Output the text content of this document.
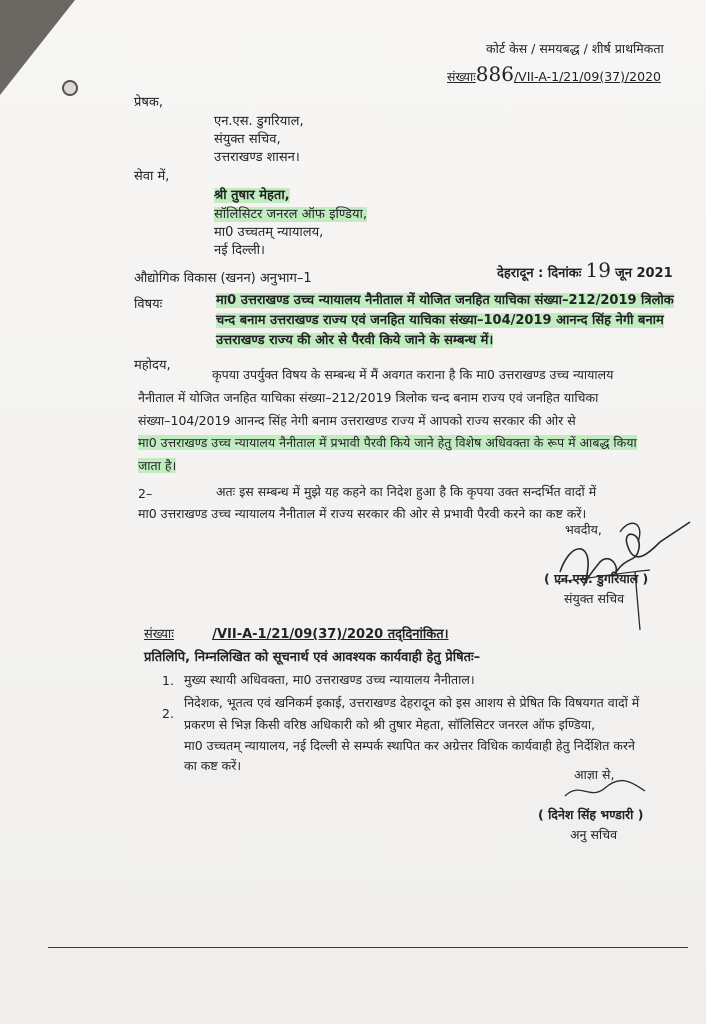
कोर्ट केस / समयबद्ध / शीर्ष प्राथमिकता
संख्याः886/VII-A-1/21/09(37)/2020
प्रेषक,
एन.एस. डुगरियाल,
संयुक्त सचिव,
उत्तराखण्ड शासन।
सेवा में,
श्री तुषार मेहता,
सॉलिसिटर जनरल ऑफ इण्डिया,
मा0 उच्चतम् न्यायालय,
नई दिल्ली।
औद्योगिक विकास (खनन) अनुभाग–1	देहरादून : दिनांकः 19 जून 2021
विषयः	मा0 उत्तराखण्ड उच्च न्यायालय नैनीताल में योजित जनहित याचिका संख्या–212/2019 त्रिलोक
चन्द बनाम उत्तराखण्ड राज्य एवं जनहित याचिका संख्या–104/2019 आनन्द सिंह नेगी बनाम
उत्तराखण्ड राज्य की ओर से पैरवी किये जाने के सम्बन्ध में।
महोदय,
कृपया उपर्युक्त विषय के सम्बन्ध में मैं अवगत कराना है कि मा0 उत्तराखण्ड उच्च न्यायालय
नैनीताल में योजित जनहित याचिका संख्या–212/2019 त्रिलोक चन्द बनाम राज्य एवं जनहित याचिका
संख्या–104/2019 आनन्द सिंह नेगी बनाम उत्तराखण्ड राज्य में आपको राज्य सरकार की ओर से
मा0 उत्तराखण्ड उच्च न्यायालय नैनीताल में प्रभावी पैरवी किये जाने हेतु विशेष अधिवक्ता के रूप में आबद्ध किया
जाता है।
2–	अतः इस सम्बन्ध में मुझे यह कहने का निदेश हुआ है कि कृपया उक्त सन्दर्भित वादों में
मा0 उत्तराखण्ड उच्च न्यायालय नैनीताल में राज्य सरकार की ओर से प्रभावी पैरवी करने का कष्ट करें।
भवदीय,
( एन.एस. डुगरियाल )
संयुक्त सचिव
संख्याः	/VII-A-1/21/09(37)/2020 तद्‌दिनांकित।
प्रतिलिपि, निम्नलिखित को सूचनार्थ एवं आवश्यक कार्यवाही हेतु प्रेषितः–
1. मुख्य स्थायी अधिवक्ता, मा0 उत्तराखण्ड उच्च न्यायालय नैनीताल।
2.
निदेशक, भूतत्व एवं खनिकर्म इकाई, उत्तराखण्ड देहरादून को इस आशय से प्रेषित कि विषयगत वादों में
प्रकरण से भिज्ञ किसी वरिष्ठ अधिकारी को श्री तुषार मेहता, सॉलिसिटर जनरल ऑफ इण्डिया,
मा0 उच्चतम् न्यायालय, नई दिल्ली से सम्पर्क स्थापित कर अग्रेत्तर विधिक कार्यवाही हेतु निर्देशित करने
का कष्ट करें।
आज्ञा से,
( दिनेश सिंह भण्डारी )
अनु सचिव
